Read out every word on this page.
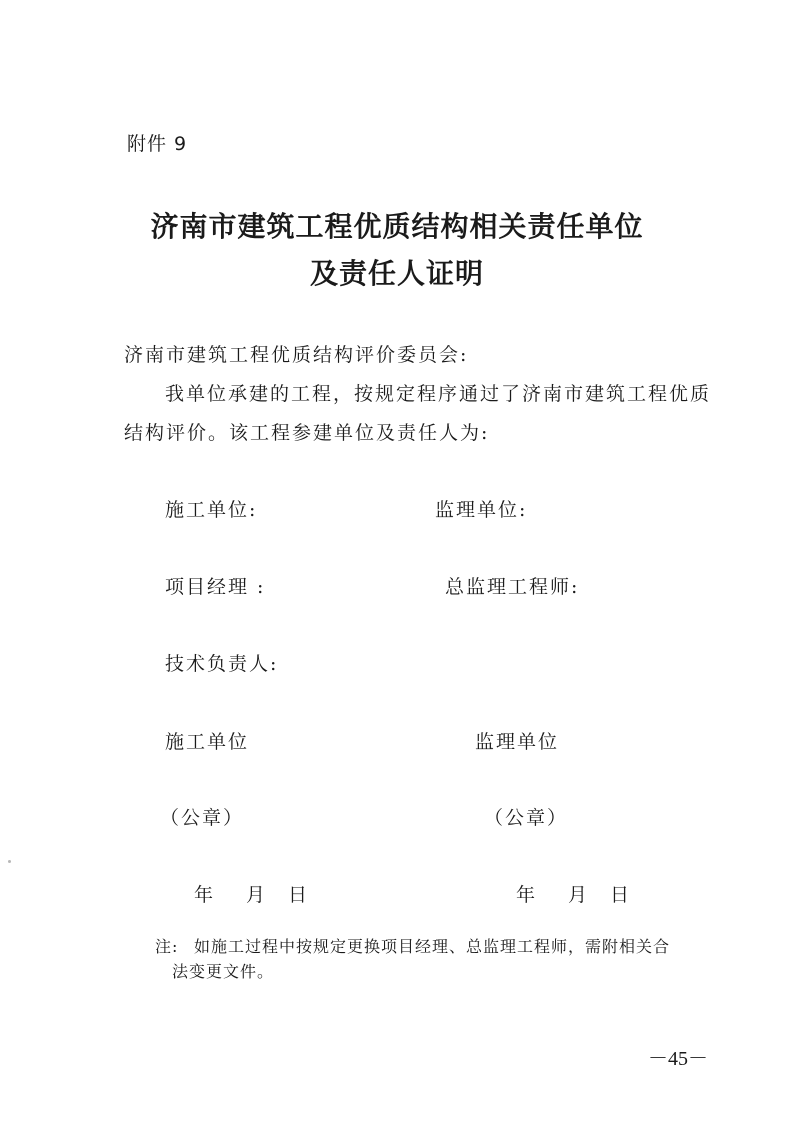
附件 9
济南市建筑工程优质结构相关责任单位
及责任人证明
济南市建筑工程优质结构评价委员会:
我单位承建的工程，按规定程序通过了济南市建筑工程优质
结构评价。该工程参建单位及责任人为:
施工单位:	监理单位:
项目经理 :	总监理工程师:
技术负责人:
施工单位	监理单位
（公章）	（公章）
年 月 日	年 月 日
注: 如施工过程中按规定更换项目经理、总监理工程师，需附相关合
法变更文件。
－45－
